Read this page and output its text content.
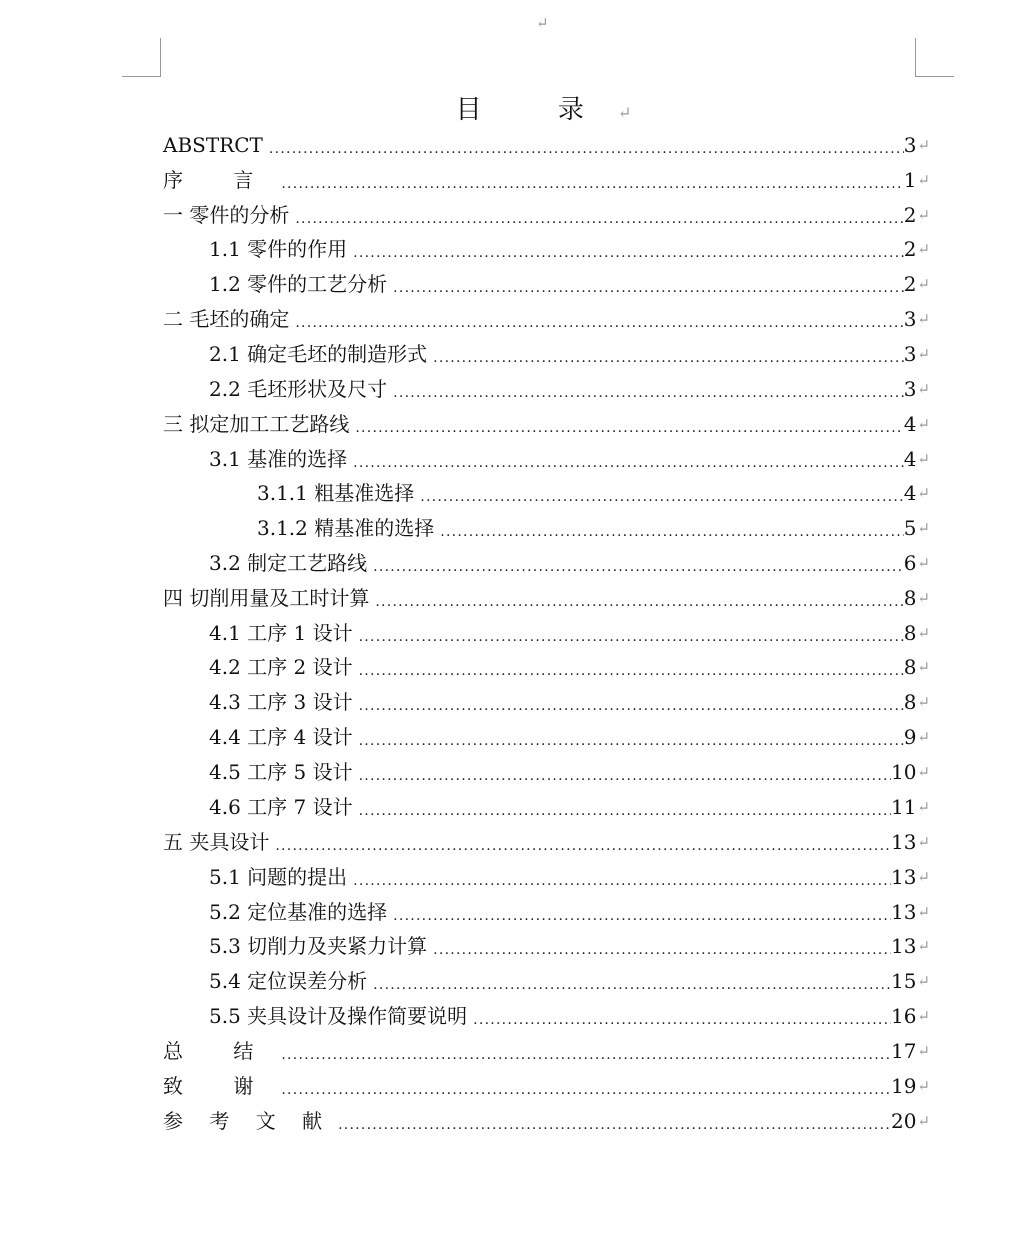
↵
目 录↵
ABSTRCT . . .	3 ↵
序 言 . . .	1 ↵
一 零件的分析 . . .	2 ↵
1.1 零件的作用 . . .	2 ↵
1.2 零件的工艺分析 . . .	2 ↵
二 毛坯的确定 . . .	3 ↵
2.1 确定毛坯的制造形式 . . .	3 ↵
2.2 毛坯形状及尺寸 . . .	3 ↵
三 拟定加工工艺路线 . . .	4 ↵
3.1 基准的选择 . . .	4 ↵
3.1.1 粗基准选择 . . .	4 ↵
3.1.2 精基准的选择 . . .	5 ↵
3.2 制定工艺路线 . . .	6 ↵
四 切削用量及工时计算 . . .	8 ↵
4.1 工序 1 设计 . . .	8 ↵
4.2 工序 2 设计 . . .	8 ↵
4.3 工序 3 设计 . . .	8 ↵
4.4 工序 4 设计 . . .	9 ↵
4.5 工序 5 设计 . . .	10 ↵
4.6 工序 7 设计 . . .	11 ↵
五 夹具设计 . . .	13 ↵
5.1 问题的提出 . . .	13 ↵
5.2 定位基准的选择 . . .	13 ↵
5.3 切削力及夹紧力计算 . . .	13 ↵
5.4 定位误差分析 . . .	15 ↵
5.5 夹具设计及操作简要说明 . . .	16 ↵
总 结 . . .	17 ↵
致 谢 . . .	19 ↵
参 考 文 献 . . .	20 ↵
